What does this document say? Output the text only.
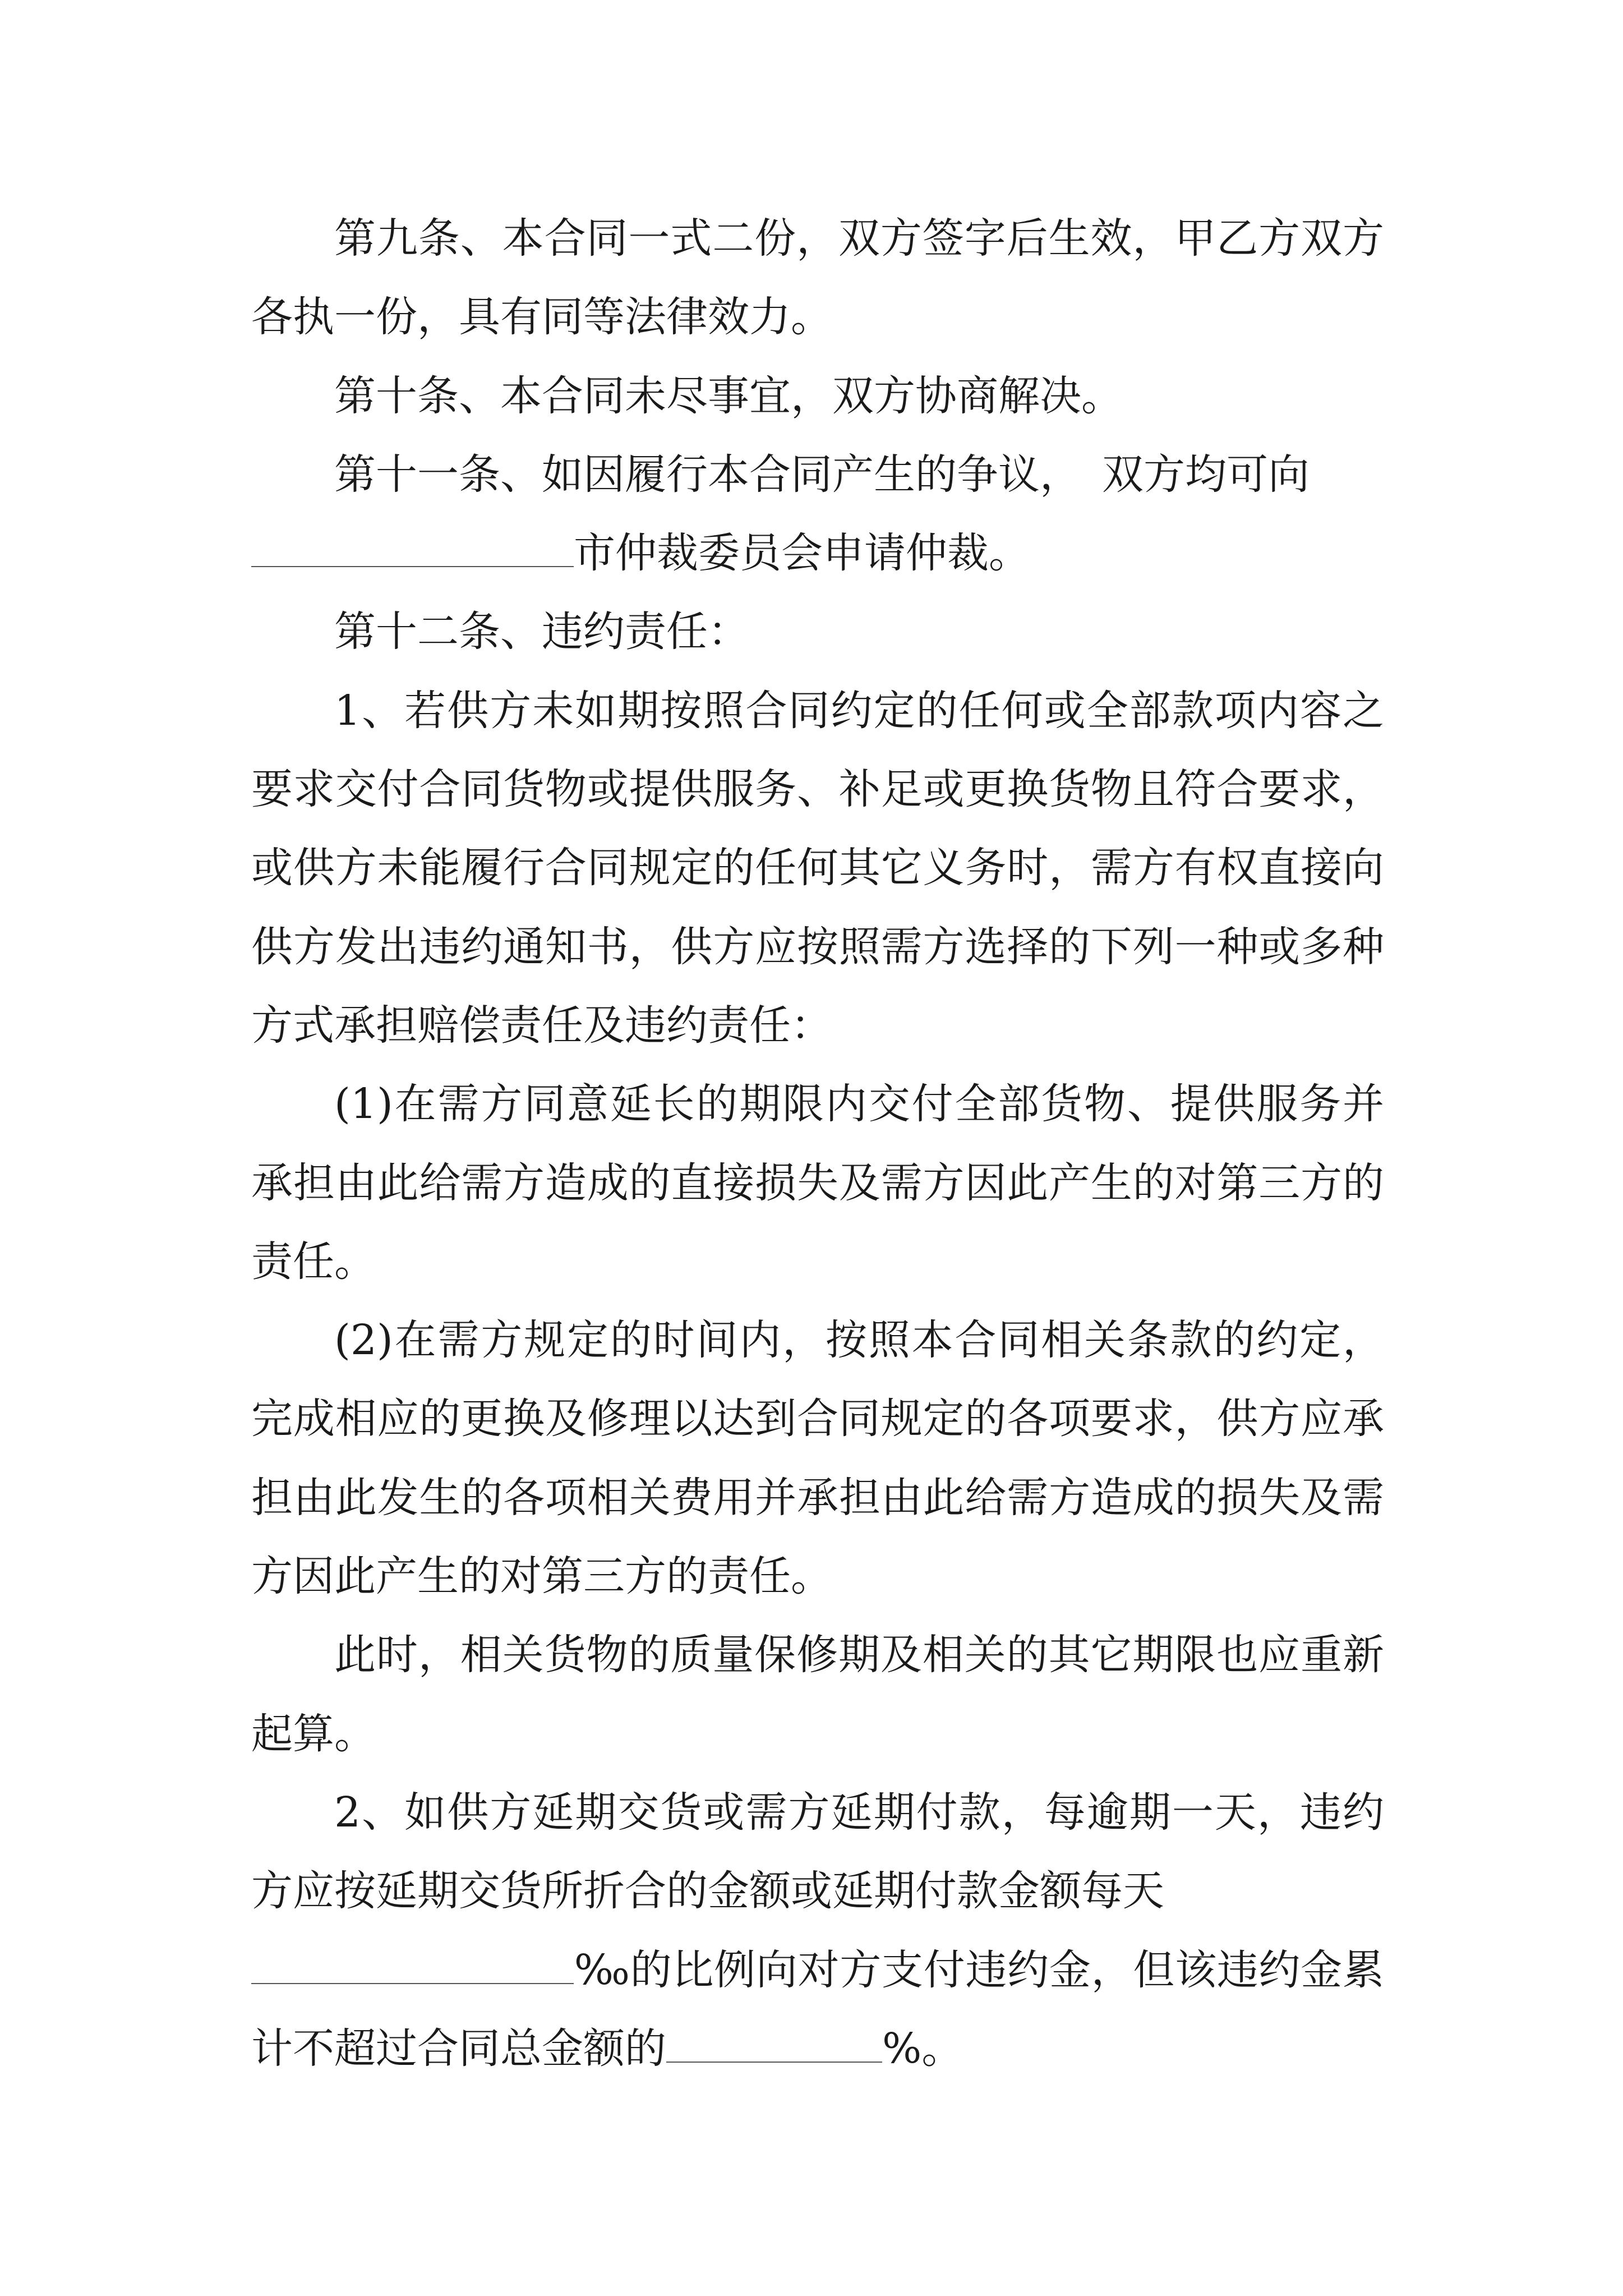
第九条、本合同一式二份，双方签字后生效，甲乙方双方各执一份，具有同等法律效力。

第十条、本合同未尽事宜，双方协商解决。

第十一条、如因履行本合同产生的争议，　双方均可向
市仲裁委员会申请仲裁。

第十二条、违约责任：

1、若供方未如期按照合同约定的任何或全部款项内容之要求交付合同货物或提供服务、补足或更换货物且符合要求，或供方未能履行合同规定的任何其它义务时，需方有权直接向供方发出违约通知书，供方应按照需方选择的下列一种或多种方式承担赔偿责任及违约责任：

(1)在需方同意延长的期限内交付全部货物、提供服务并承担由此给需方造成的直接损失及需方因此产生的对第三方的责任。

(2)在需方规定的时间内，按照本合同相关条款的约定，完成相应的更换及修理以达到合同规定的各项要求，供方应承担由此发生的各项相关费用并承担由此给需方造成的损失及需方因此产生的对第三方的责任。

此时，相关货物的质量保修期及相关的其它期限也应重新起算。

2、如供方延期交货或需方延期付款，每逾期一天，违约方应按延期交货所折合的金额或延期付款金额每天
‰的比例向对方支付违约金，但该违约金累计不超过合同总金额的	%。
